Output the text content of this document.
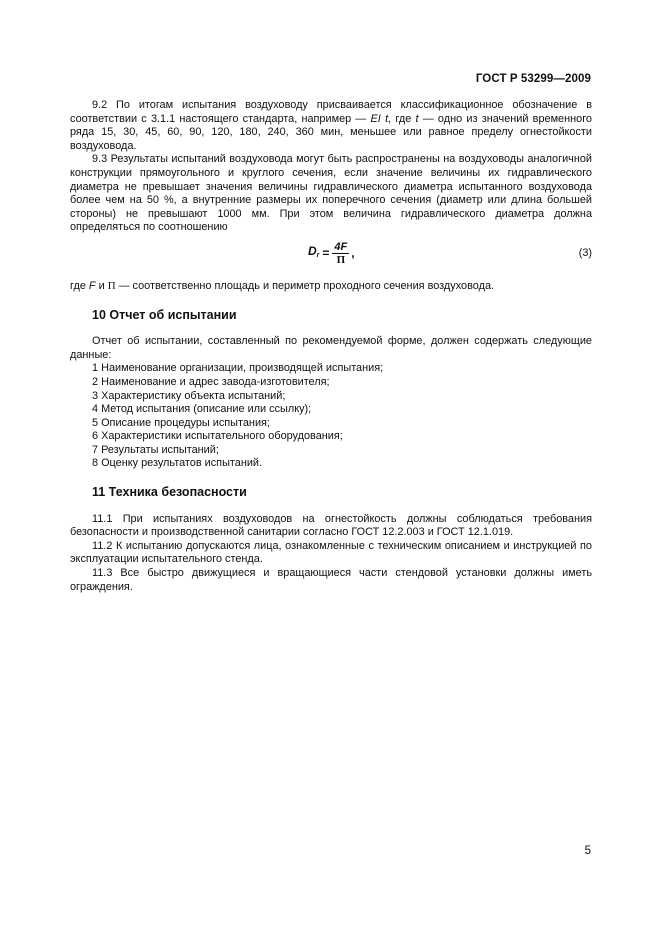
ГОСТ Р 53299—2009

9.2 По итогам испытания воздуховоду присваивается классификационное обозначение в соответствии с 3.1.1 настоящего стандарта, например — EI t, где t — одно из значений временного ряда 15, 30, 45, 60, 90, 120, 180, 240, 360 мин, меньшее или равное пределу огнестойкости воздуховода.

9.3 Результаты испытаний воздуховода могут быть распространены на воздуховоды аналогичной конструкции прямоугольного и круглого сечения, если значение величины их гидравлического диаметра не превышает значения величины гидравлического диаметра испытанного воздуховода более чем на 50 %, а внутренние размеры их поперечного сечения (диаметр или длина большей стороны) не превышают 1000 мм. При этом величина гидравлического диаметра должна определяться по соотношению

$D_r = \frac{4F}{П}$ ,	(3)

где F и П — соответственно площадь и периметр проходного сечения воздуховода.

10 Отчет об испытании

Отчет об испытании, составленный по рекомендуемой форме, должен содержать следующие данные:

1 Наименование организации, производящей испытания;

2 Наименование и адрес завода-изготовителя;

3 Характеристику объекта испытаний;

4 Метод испытания (описание или ссылку);

5 Описание процедуры испытания;

6 Характеристики испытательного оборудования;

7 Результаты испытаний;

8 Оценку результатов испытаний.

11 Техника безопасности

11.1 При испытаниях воздуховодов на огнестойкость должны соблюдаться требования безопасности и производственной санитарии согласно ГОСТ 12.2.003 и ГОСТ 12.1.019.

11.2 К испытанию допускаются лица, ознакомленные с техническим описанием и инструкцией по эксплуатации испытательного стенда.

11.3 Все быстро движущиеся и вращающиеся части стендовой установки должны иметь ограждения.

5
